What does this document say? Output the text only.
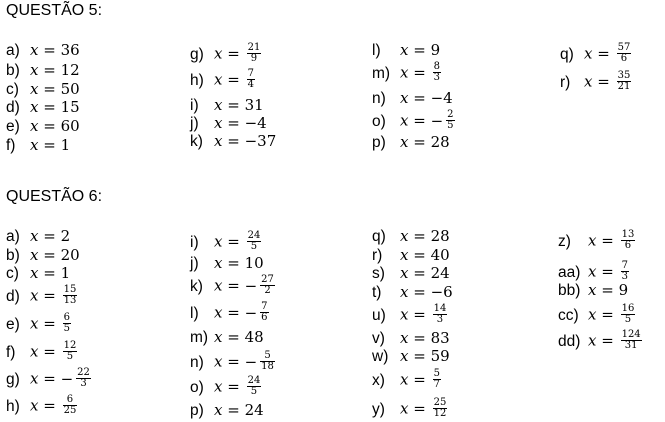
QUESTÃO 5:
a) x = 36
b) x = 12
c) x = 50
d) x = 15
e) x = 60
f) x = 1
g) $x = \frac{21}{9}$
h) $x = \frac{7}{4}$
i) x = 31
j) x = −4
k) x = −37
l) x = 9
m) $x = \frac{8}{3}$
n) x = −4
o) x = − $\frac{2}{5}$
p) x = 28
q) $x = \frac{57}{6}$
r) $x = \frac{35}{21}$
QUESTÃO 6:
a) x = 2
b) x = 20
c) x = 1
d) $x = \frac{15}{13}$
e) $x = \frac{6}{5}$
f) $x = \frac{12}{5}$
g) x = − $\frac{22}{3}$
h) $x = \frac{6}{25}$
i) $x = \frac{24}{5}$
j) x = 10
k) x = − $\frac{27}{2}$
l) x = − $\frac{7}{6}$
m) x = 48
n) x = − $\frac{5}{18}$
o) $x = \frac{24}{5}$
p) x = 24
q) x = 28
r) x = 40
s) x = 24
t) x = −6
u) $x = \frac{14}{3}$
v) x = 83
w) x = 59
x) $x = \frac{5}{7}$
y) $x = \frac{25}{12}$
z) $x = \frac{13}{6}$
aa) $x = \frac{7}{3}$
bb) x = 9
cc) $x = \frac{16}{5}$
dd) $x = \frac{124}{31}$
